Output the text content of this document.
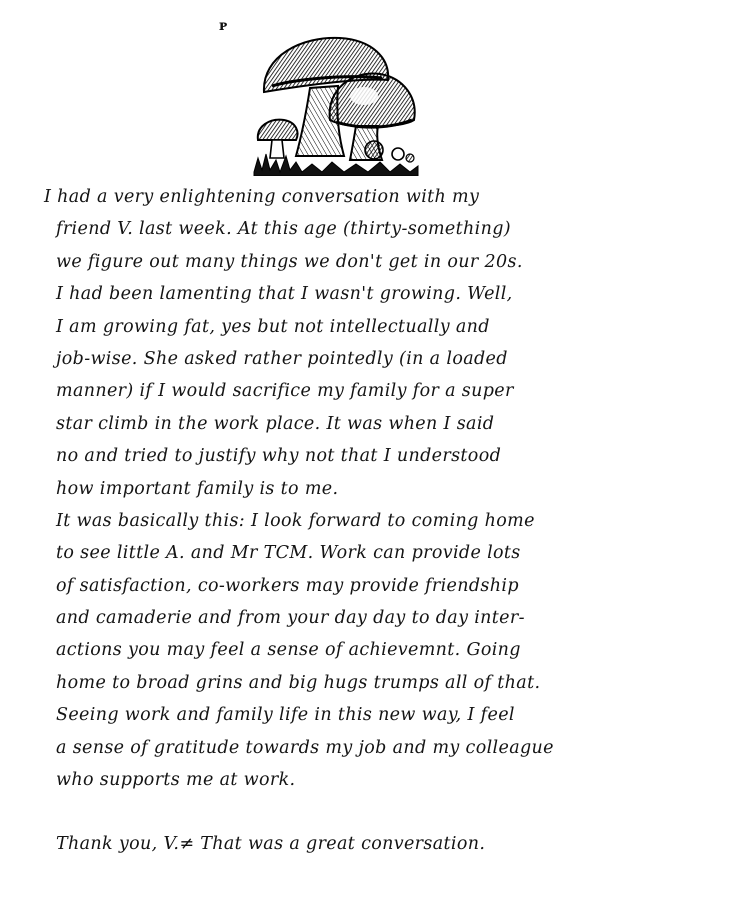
ᴘ
I had a very enlightening conversation with my
friend V. last week. At this age (thirty-something)
we figure out many things we don't get in our 20s.
I had been lamenting that I wasn't growing. Well,
I am growing fat, yes but not intellectually and
job-wise. She asked rather pointedly (in a loaded
manner) if I would sacrifice my family for a super
star climb in the work place. It was when I said
no and tried to justify why not that I understood
how important family is to me.
It was basically this: I look forward to coming home
to see little A. and Mr TCM. Work can provide lots
of satisfaction, co-workers may provide friendship
and camaderie and from your day day to day inter-
actions you may feel a sense of achievemnt. Going
home to broad grins and big hugs trumps all of that.
Seeing work and family life in this new way, I feel
a sense of gratitude towards my job and my colleague
who supports me at work.
Thank you, V.≠ That was a great conversation.
